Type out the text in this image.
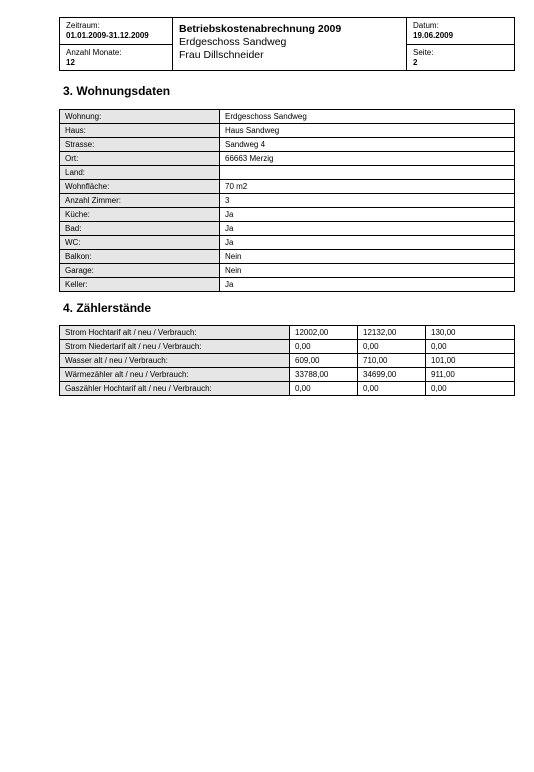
Zeitraum:
01.01.2009-31.12.2009
Anzahl Monate:
12
Betriebskostenabrechnung 2009
Erdgeschoss Sandweg
Frau Dillschneider
Datum:
19.06.2009
Seite:
2
3. Wohnungsdaten
Wohnung:	Erdgeschoss Sandweg
Haus:	Haus Sandweg
Strasse:	Sandweg 4
Ort:	66663 Merzig
Land:	
Wohnfläche:	70 m2
Anzahl Zimmer:	3
Küche:	Ja
Bad:	Ja
WC:	Ja
Balkon:	Nein
Garage:	Nein
Keller:	Ja
4. Zählerstände
Strom Hochtarif alt / neu / Verbrauch:	12002,00	12132,00	130,00
Strom Niedertarif alt / neu / Verbrauch:	0,00	0,00	0,00
Wasser alt / neu / Verbrauch:	609,00	710,00	101,00
Wärmezähler alt / neu / Verbrauch:	33788,00	34699,00	911,00
Gaszähler Hochtarif alt / neu / Verbrauch:	0,00	0,00	0,00
